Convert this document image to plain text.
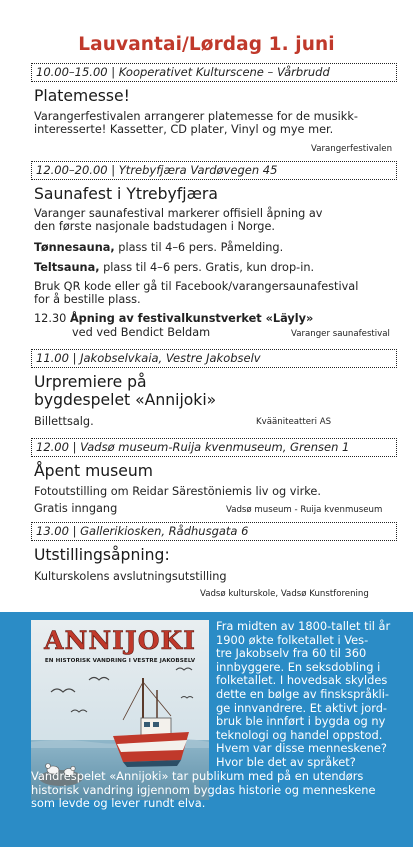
Lauvantai/Lørdag 1. juni
10.00–15.00 | Kooperativet Kulturscene – Vårbrudd
Platemesse!
Varangerfestivalen arrangerer platemesse for de musikk-
interesserte! Kassetter, CD plater, Vinyl og mye mer.
Varangerfestivalen
12.00–20.00 | Ytrebyfjæra Vardøvegen 45
Saunafest i Ytrebyfjæra
Varanger saunafestival markerer offisiell åpning av
den første nasjonale badstudagen i Norge.
Tønnesauna, plass til 4–6 pers. Påmelding.
Teltsauna, plass til 4–6 pers. Gratis, kun drop-in.
Bruk QR kode eller gå til Facebook/varangersaunafestival
for å bestille plass.
12.30 Åpning av festivalkunstverket «Läyly»
ved ved Bendict Beldam	Varanger saunafestival
11.00 | Jakobselvkaia, Vestre Jakobselv
Urpremiere på
bygdespelet «Annijoki»
Billettsalg.	Kvääniteatteri AS
12.00 | Vadsø museum-Ruija kvenmuseum, Grensen 1
Åpent museum
Fotoutstilling om Reidar Särestöniemis liv og virke.
Gratis inngang	Vadsø museum - Ruija kvenmuseum
13.00 | Gallerikiosken, Rådhusgata 6
Utstillingsåpning:
Kulturskolens avslutningsutstilling
Vadsø kulturskole, Vadsø Kunstforening
ANNIJOKI
EN HISTORISK VANDRING I VESTRE JAKOBSELV
Fra midten av 1800-tallet til år
1900 økte folketallet i Ves-
tre Jakobselv fra 60 til 360
innbyggere. En seksdobling i
folketallet. I hovedsak skyldes
dette en bølge av finskspråkli-
ge innvandrere. Et aktivt jord-
bruk ble innført i bygda og ny
teknologi og handel oppstod.
Hvem var disse menneskene?
Hvor ble det av språket?
Vandrespelet «Annijoki» tar publikum med på en utendørs
historisk vandring igjennom bygdas historie og menneskene
som levde og lever rundt elva.
